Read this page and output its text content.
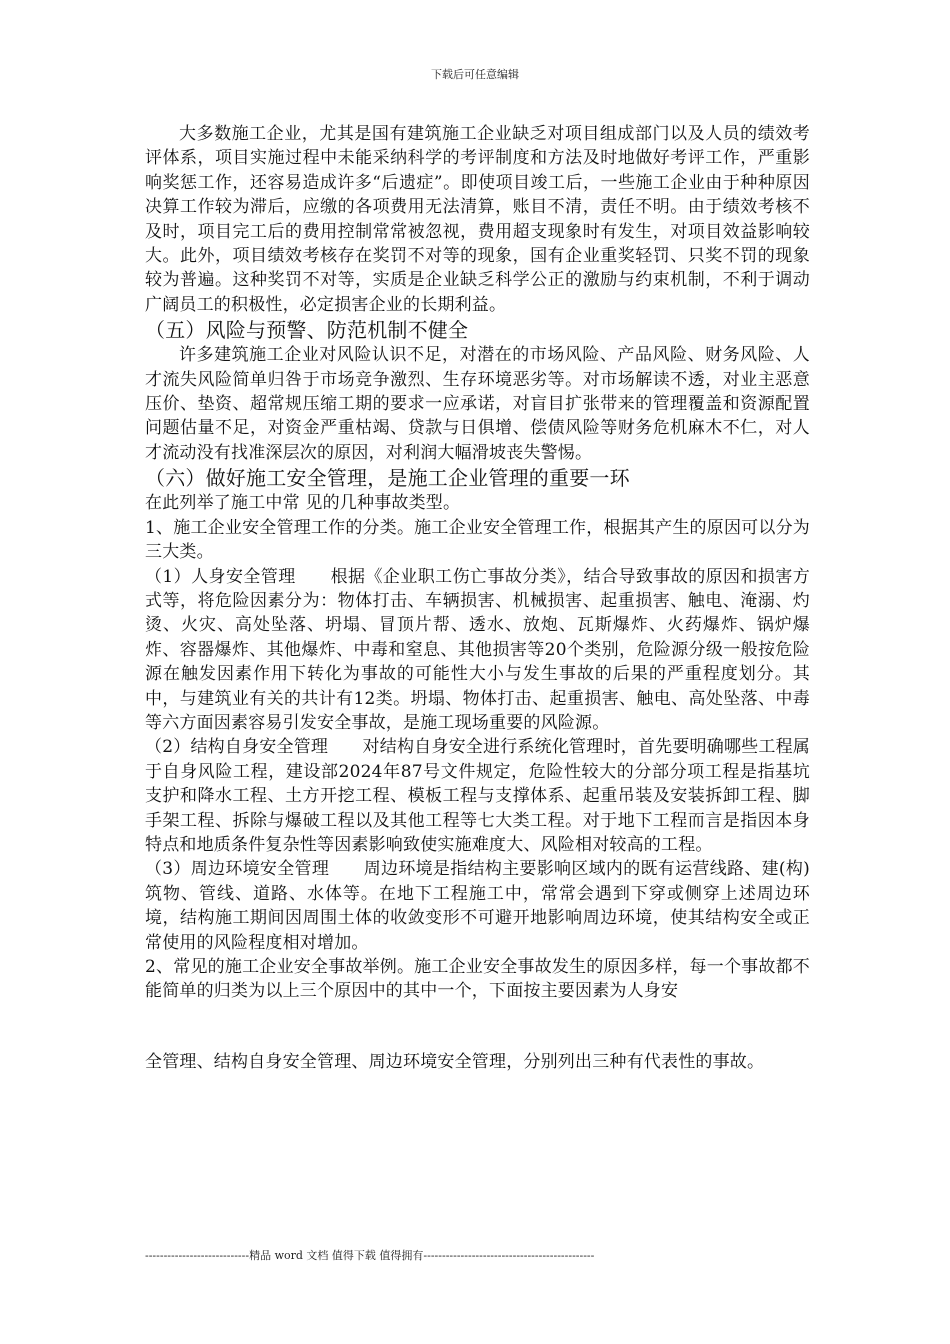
下载后可任意编辑

大多数施工企业，尤其是国有建筑施工企业缺乏对项目组成部门以及人员的绩效考评体系，项目实施过程中未能采纳科学的考评制度和方法及时地做好考评工作，严重影响奖惩工作，还容易造成许多“后遗症”。即使项目竣工后，一些施工企业由于种种原因决算工作较为滞后，应缴的各项费用无法清算，账目不清，责任不明。由于绩效考核不及时，项目完工后的费用控制常常被忽视，费用超支现象时有发生，对项目效益影响较大。此外，项目绩效考核存在奖罚不对等的现象，国有企业重奖轻罚、只奖不罚的现象较为普遍。这种奖罚不对等，实质是企业缺乏科学公正的激励与约束机制，不利于调动广阔员工的积极性，必定损害企业的长期利益。

（五）风险与预警、防范机制不健全

许多建筑施工企业对风险认识不足，对潜在的市场风险、产品风险、财务风险、人才流失风险简单归咎于市场竞争激烈、生存环境恶劣等。对市场解读不透，对业主恶意压价、垫资、超常规压缩工期的要求一应承诺，对盲目扩张带来的管理覆盖和资源配置问题估量不足，对资金严重枯竭、贷款与日俱增、偿债风险等财务危机麻木不仁，对人才流动没有找准深层次的原因，对利润大幅滑坡丧失警惕。

（六）做好施工安全管理，是施工企业管理的重要一环

在此列举了施工中常 见的几种事故类型。

1、施工企业安全管理工作的分类。施工企业安全管理工作，根据其产生的原因可以分为三大类。

（1）人身安全管理　　根据《企业职工伤亡事故分类》，结合导致事故的原因和损害方式等，将危险因素分为：物体打击、车辆损害、机械损害、起重损害、触电、淹溺、灼烫、火灾、高处坠落、坍塌、冒顶片帮、透水、放炮、瓦斯爆炸、火药爆炸、锅炉爆炸、容器爆炸、其他爆炸、中毒和窒息、其他损害等20个类别，危险源分级一般按危险源在触发因素作用下转化为事故的可能性大小与发生事故的后果的严重程度划分。其中，与建筑业有关的共计有12类。坍塌、物体打击、起重损害、触电、高处坠落、中毒等六方面因素容易引发安全事故，是施工现场重要的风险源。

（2）结构自身安全管理　　对结构自身安全进行系统化管理时，首先要明确哪些工程属于自身风险工程，建设部2024年87号文件规定，危险性较大的分部分项工程是指基坑支护和降水工程、土方开挖工程、模板工程与支撑体系、起重吊装及安装拆卸工程、脚手架工程、拆除与爆破工程以及其他工程等七大类工程。对于地下工程而言是指因本身特点和地质条件复杂性等因素影响致使实施难度大、风险相对较高的工程。

（3）周边环境安全管理　　周边环境是指结构主要影响区域内的既有运营线路、建(构)筑物、管线、道路、水体等。在地下工程施工中，常常会遇到下穿或侧穿上述周边环境，结构施工期间因周围土体的收敛变形不可避开地影响周边环境，使其结构安全或正常使用的风险程度相对增加。

2、常见的施工企业安全事故举例。施工企业安全事故发生的原因多样，每一个事故都不能简单的归类为以上三个原因中的其中一个，下面按主要因素为人身安

全管理、结构自身安全管理、周边环境安全管理，分别列出三种有代表性的事故。

----------------------------精品 word 文档 值得下载 值得拥有----------------------------------------------
